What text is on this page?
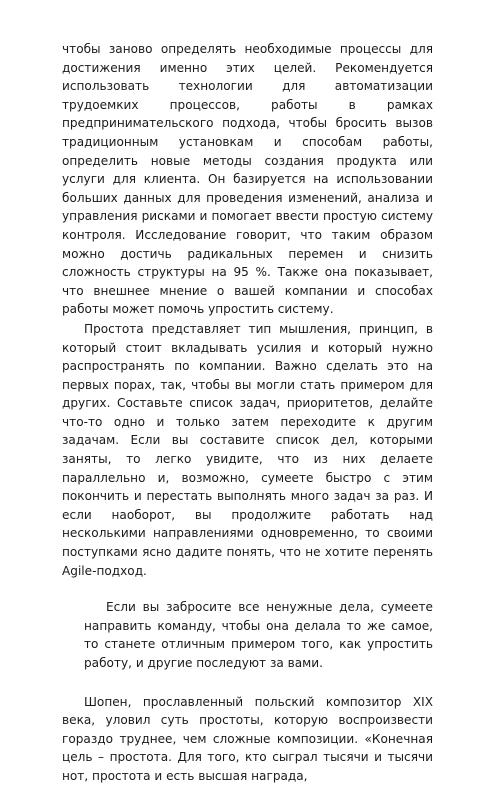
чтобы заново определять необходимые процессы для достижения именно этих целей. Рекомендуется использовать технологии для автоматизации трудоемких процессов, работы в рамках предпринимательского подхода, чтобы бросить вызов традиционным установкам и способам работы, определить новые методы создания продукта или услуги для клиента. Он базируется на использовании больших данных для проведения изменений, анализа и управления рисками и помогает ввести простую систему контроля. Исследование говорит, что таким образом можно достичь радикальных перемен и снизить сложность структуры на 95 %. Также она показывает, что внешнее мнение о вашей компании и способах работы может помочь упростить систему.

Простота представляет тип мышления, принцип, в который стоит вкладывать усилия и который нужно распространять по компании. Важно сделать это на первых порах, так, чтобы вы могли стать примером для других. Составьте список задач, приоритетов, делайте что-то одно и только затем переходите к другим задачам. Если вы составите список дел, которыми заняты, то легко увидите, что из них делаете параллельно и, возможно, сумеете быстро с этим покончить и перестать выполнять много задач за раз. И если наоборот, вы продолжите работать над несколькими направлениями одновременно, то своими поступками ясно дадите понять, что не хотите перенять Agile-подход.

Если вы забросите все ненужные дела, сумеете направить команду, чтобы она делала то же самое, то станете отличным примером того, как упростить работу, и другие последуют за вами.

Шопен, прославленный польский композитор XIX века, уловил суть простоты, которую воспроизвести гораздо труднее, чем сложные композиции. «Конечная цель – простота. Для того, кто сыграл тысячи и тысячи нот, простота и есть высшая награда,
